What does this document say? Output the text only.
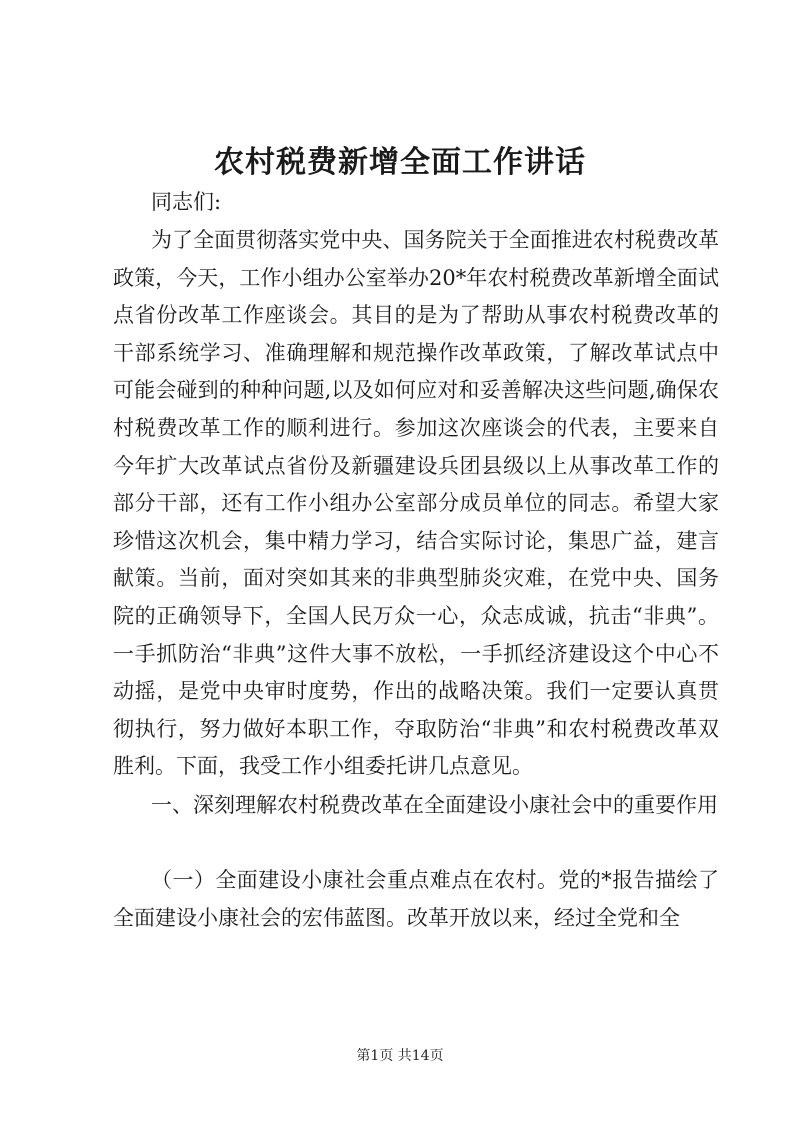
农村税费新增全面工作讲话

同志们:

为了全面贯彻落实党中央、国务院关于全面推进农村税费改革政策，今天，工作小组办公室举办20*年农村税费改革新增全面试点省份改革工作座谈会。其目的是为了帮助从事农村税费改革的干部系统学习、准确理解和规范操作改革政策，了解改革试点中可能会碰到的种种问题,以及如何应对和妥善解决这些问题,确保农村税费改革工作的顺利进行。参加这次座谈会的代表，主要来自今年扩大改革试点省份及新疆建设兵团县级以上从事改革工作的部分干部，还有工作小组办公室部分成员单位的同志。希望大家珍惜这次机会，集中精力学习，结合实际讨论，集思广益，建言献策。当前，面对突如其来的非典型肺炎灾难，在党中央、国务院的正确领导下，全国人民万众一心，众志成诚，抗击“非典”。一手抓防治“非典”这件大事不放松，一手抓经济建设这个中心不动摇，是党中央审时度势，作出的战略决策。我们一定要认真贯彻执行，努力做好本职工作，夺取防治“非典”和农村税费改革双胜利。下面，我受工作小组委托讲几点意见。

一、深刻理解农村税费改革在全面建设小康社会中的重要作用

（一）全面建设小康社会重点难点在农村。党的*报告描绘了全面建设小康社会的宏伟蓝图。改革开放以来，经过全党和全

第1页 共14页
